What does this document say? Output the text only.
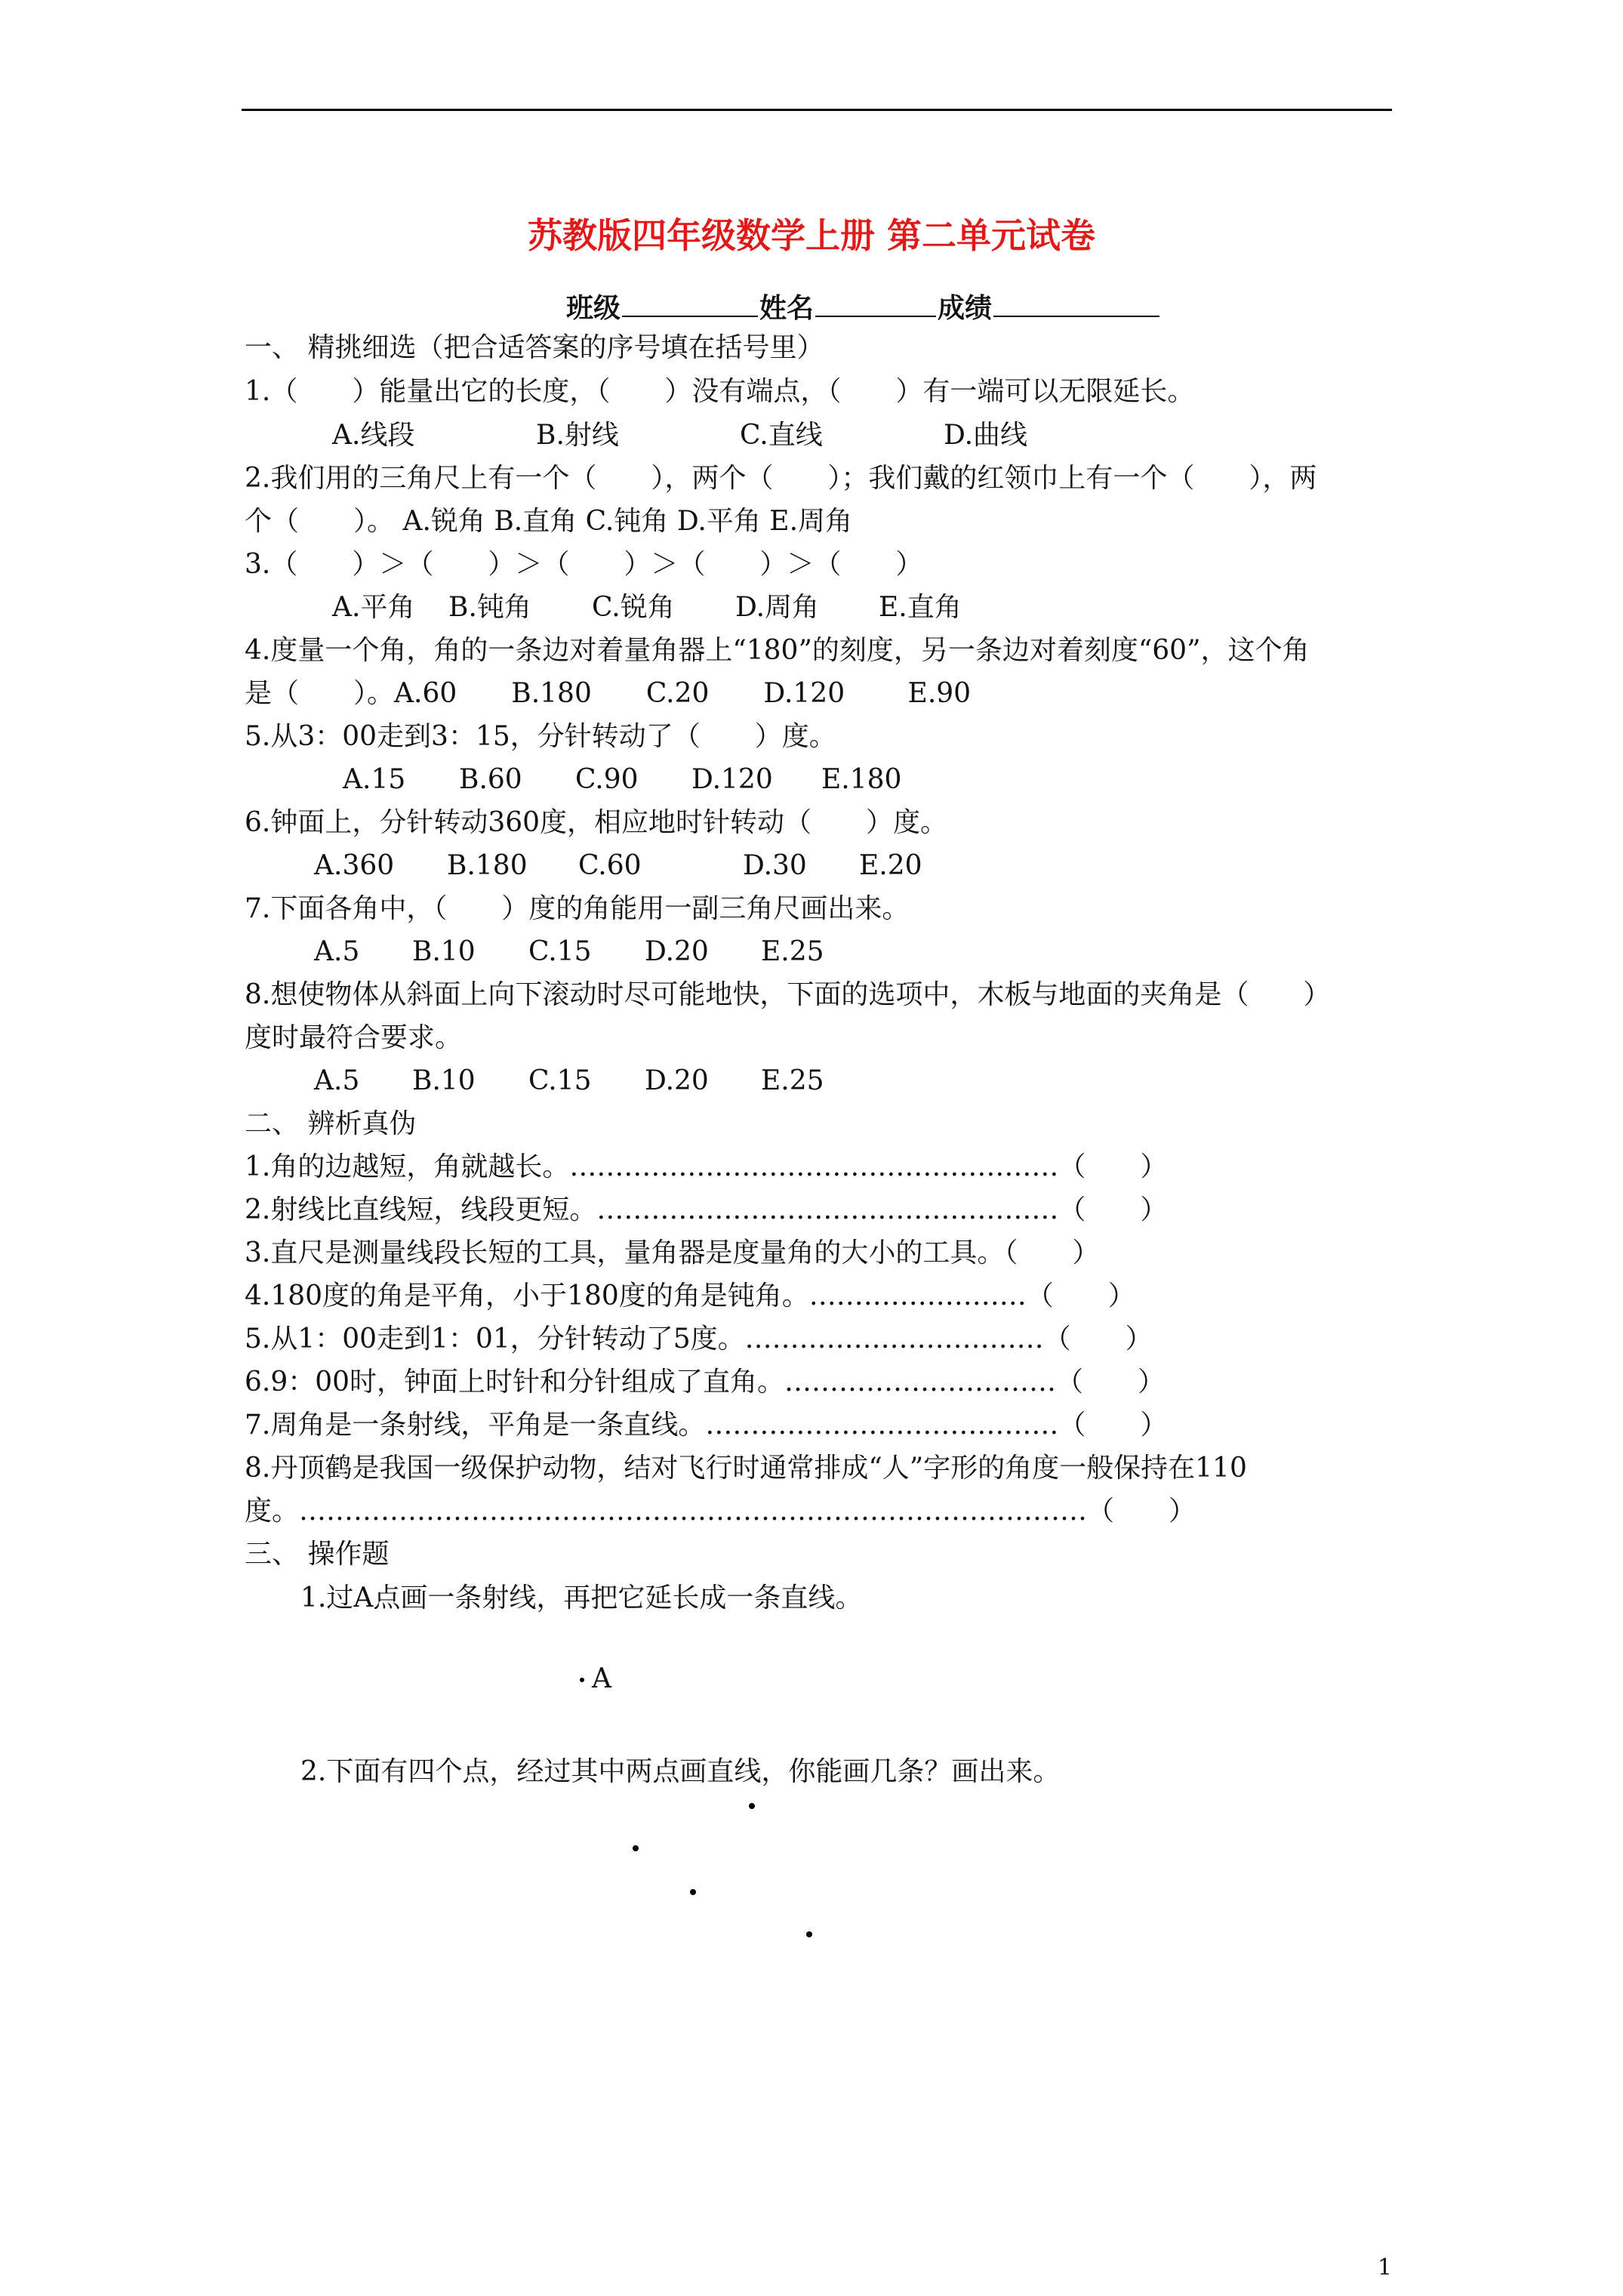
苏教版四年级数学上册 第二单元试卷
班级	姓名	成绩
一、 精挑细选（把合适答案的序号填在括号里）
1.（　　）能量出它的长度，（　　）没有端点，（　　）有一端可以无限延长。
A.线段	B.射线	C.直线	D.曲线
2.我们用的三角尺上有一个（　　），两个（　　）；我们戴的红领巾上有一个（　　），两
个（　　）。 A.锐角 B.直角 C.钝角 D.平角 E.周角
3.（　　）＞（　　）＞（　　）＞（　　）＞（　　）
A.平角 B.钝角 C.锐角 D.周角 E.直角
4.度量一个角，角的一条边对着量角器上“180”的刻度，另一条边对着刻度“60”，这个角
是（　　）。A.60　　B.180　　C.20　　D.120　　 E.90
5.从3：00走到3：15，分针转动了（　　）度。
A.15 B.60 C.90 D.120 E.180
6.钟面上，分针转动360度，相应地时针转动（　　）度。
A.360 B.180 C.60	D.30 E.20
7.下面各角中，（　　）度的角能用一副三角尺画出来。
A.5 B.10 C.15 D.20 E.25
8.想使物体从斜面上向下滚动时尽可能地快，下面的选项中，木板与地面的夹角是（　　）
度时最符合要求。
A.5 B.10 C.15 D.20 E.25
二、 辨析真伪
1.角的边越短，角就越长。………………………………………………（　　）
2.射线比直线短，线段更短。……………………………………………（　　）
3.直尺是测量线段长短的工具，量角器是度量角的大小的工具。（　　）
4.180度的角是平角，小于180度的角是钝角。……………………（　　）
5.从1：00走到1：01，分针转动了5度。……………………………（　　）
6.9：00时，钟面上时针和分针组成了直角。…………………………（　　）
7.周角是一条射线，平角是一条直线。…………………………………（　　）
8.丹顶鹤是我国一级保护动物，结对飞行时通常排成“人”字形的角度一般保持在110
度。……………………………………………………………………………（　　）
三、 操作题
1.过A点画一条射线，再把它延长成一条直线。
A
2.下面有四个点，经过其中两点画直线，你能画几条？画出来。
1
